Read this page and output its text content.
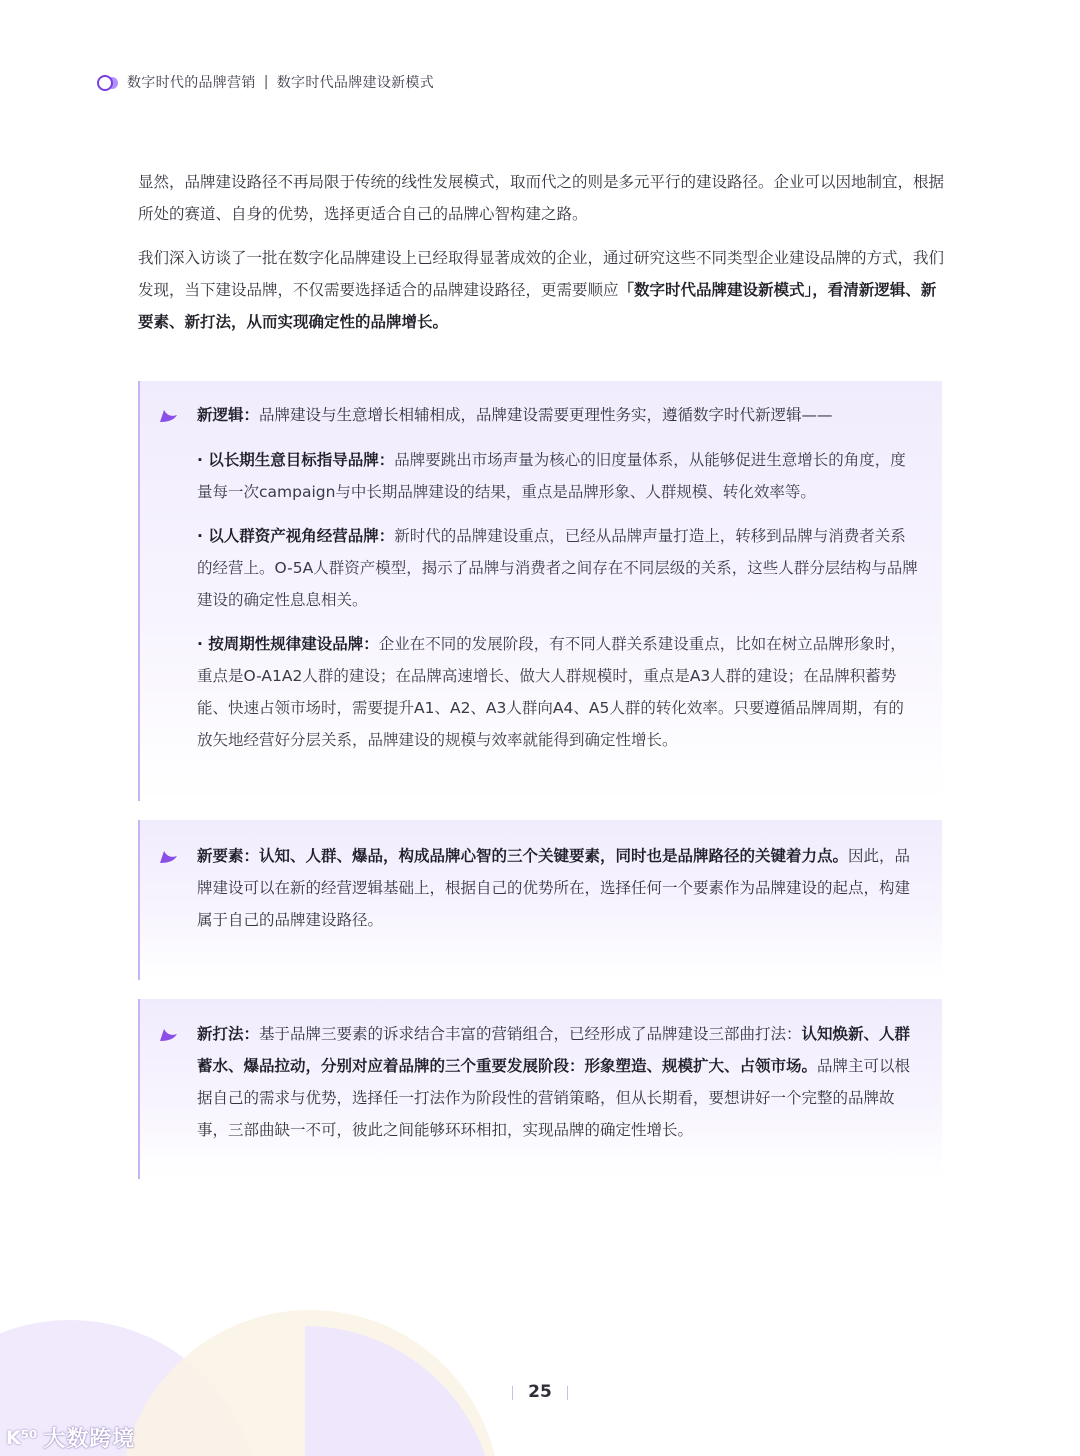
数字时代的品牌营销 | 数字时代品牌建设新模式

显然，品牌建设路径不再局限于传统的线性发展模式，取而代之的则是多元平行的建设路径。企业可以因地制宜，根据所处的赛道、自身的优势，选择更适合自己的品牌心智构建之路。

我们深入访谈了一批在数字化品牌建设上已经取得显著成效的企业，通过研究这些不同类型企业建设品牌的方式，我们发现，当下建设品牌，不仅需要选择适合的品牌建设路径，更需要顺应「数字时代品牌建设新模式」，看清新逻辑、新要素、新打法，从而实现确定性的品牌增长。

新逻辑：品牌建设与生意增长相辅相成，品牌建设需要更理性务实，遵循数字时代新逻辑——

· 以长期生意目标指导品牌：品牌要跳出市场声量为核心的旧度量体系，从能够促进生意增长的角度，度量每一次campaign与中长期品牌建设的结果，重点是品牌形象、人群规模、转化效率等。

· 以人群资产视角经营品牌：新时代的品牌建设重点，已经从品牌声量打造上，转移到品牌与消费者关系的经营上。O-5A人群资产模型，揭示了品牌与消费者之间存在不同层级的关系，这些人群分层结构与品牌建设的确定性息息相关。

· 按周期性规律建设品牌：企业在不同的发展阶段，有不同人群关系建设重点，比如在树立品牌形象时，重点是O-A1A2人群的建设；在品牌高速增长、做大人群规模时，重点是A3人群的建设；在品牌积蓄势能、快速占领市场时，需要提升A1、A2、A3人群向A4、A5人群的转化效率。只要遵循品牌周期，有的放矢地经营好分层关系，品牌建设的规模与效率就能得到确定性增长。

新要素：认知、人群、爆品，构成品牌心智的三个关键要素，同时也是品牌路径的关键着力点。因此，品牌建设可以在新的经营逻辑基础上，根据自己的优势所在，选择任何一个要素作为品牌建设的起点，构建属于自己的品牌建设路径。
新打法：基于品牌三要素的诉求结合丰富的营销组合，已经形成了品牌建设三部曲打法：认知焕新、人群蓄水、爆品拉动，分别对应着品牌的三个重要发展阶段：形象塑造、规模扩大、占领市场。品牌主可以根据自己的需求与优势，选择任一打法作为阶段性的营销策略，但从长期看，要想讲好一个完整的品牌故事，三部曲缺一不可，彼此之间能够环环相扣，实现品牌的确定性增长。
25
K⁵⁰ 大数跨境
